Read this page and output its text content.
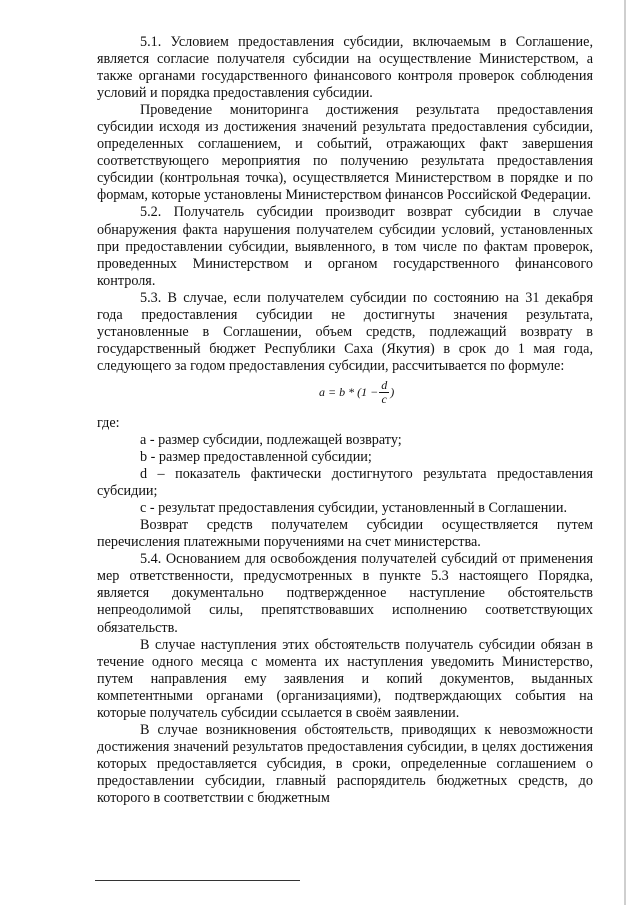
5.1. Условием предоставления субсидии, включаемым в Соглашение, является согласие получателя субсидии на осуществление Министерством, а также органами государственного финансового контроля проверок соблюдения условий и порядка предоставления субсидии.

Проведение мониторинга достижения результата предоставления субсидии исходя из достижения значений результата предоставления субсидии, определенных соглашением, и событий, отражающих факт завершения соответствующего мероприятия по получению результата предоставления субсидии (контрольная точка), осуществляется Министерством в порядке и по формам, которые установлены Министерством финансов Российской Федерации.

5.2. Получатель субсидии производит возврат субсидии в случае обнаружения факта нарушения получателем субсидии условий, установленных при предоставлении субсидии, выявленного, в том числе по фактам проверок, проведенных Министерством и органом государственного финансового контроля.

5.3. В случае, если получателем субсидии по состоянию на 31 декабря года предоставления субсидии не достигнуты значения результата, установленные в Соглашении, объем средств, подлежащий возврату в государственный бюджет Республики Саха (Якутия) в срок до 1 мая года, следующего за годом предоставления субсидии, рассчитывается по формуле:

$a = b * (1 - \frac{d}{c}$ )

где:

a - размер субсидии, подлежащей возврату;

b - размер предоставленной субсидии;

d – показатель фактически достигнутого результата предоставления субсидии;

c - результат предоставления субсидии, установленный в Соглашении.

Возврат средств получателем субсидии осуществляется путем перечисления платежными поручениями на счет министерства.

5.4. Основанием для освобождения получателей субсидий от применения мер ответственности, предусмотренных в пункте 5.3 настоящего Порядка, является документально подтвержденное наступление обстоятельств непреодолимой силы, препятствовавших исполнению соответствующих обязательств.

В случае наступления этих обстоятельств получатель субсидии обязан в течение одного месяца с момента их наступления уведомить Министерство, путем направления ему заявления и копий документов, выданных компетентными органами (организациями), подтверждающих события на которые получатель субсидии ссылается в своём заявлении.

В случае возникновения обстоятельств, приводящих к невозможности достижения значений результатов предоставления субсидии, в целях достижения которых предоставляется субсидия, в сроки, определенные соглашением о предоставлении субсидии, главный распорядитель бюджетных средств, до которого в соответствии с бюджетным
